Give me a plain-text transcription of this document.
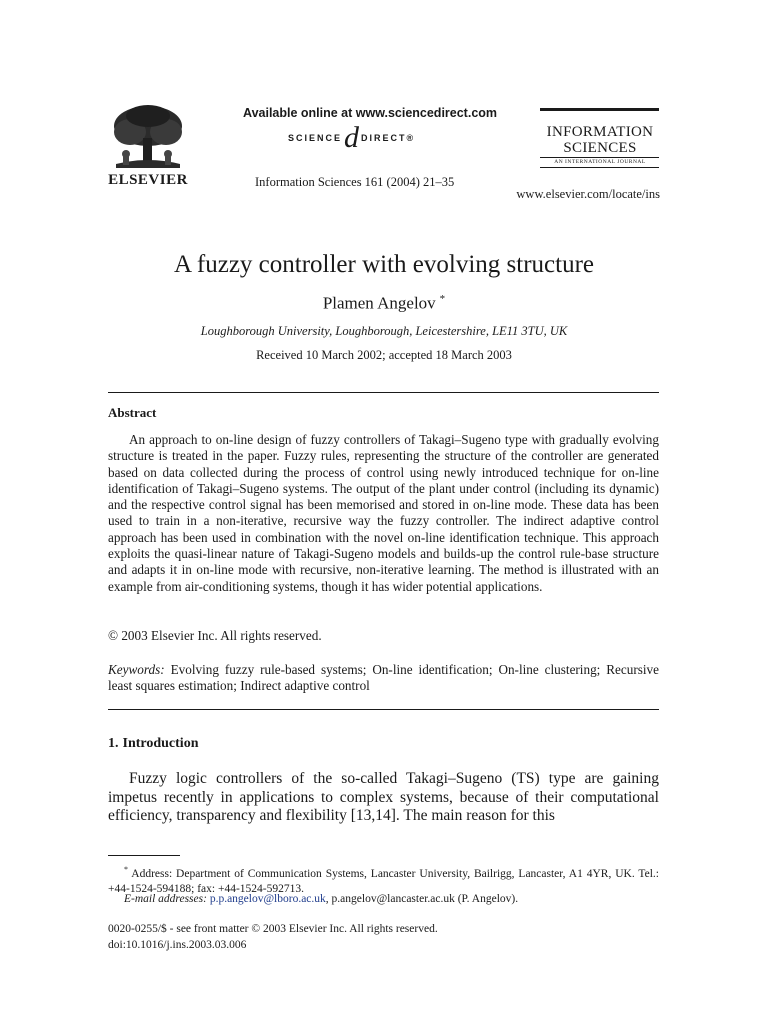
ELSEVIER
Available online at www.sciencedirect.com
SCIENCE d DIRECT ®
Information Sciences 161 (2004) 21–35
INFORMATION
SCIENCES
AN INTERNATIONAL JOURNAL
www.elsevier.com/locate/ins
A fuzzy controller with evolving structure
Plamen Angelov *
Loughborough University, Loughborough, Leicestershire, LE11 3TU, UK
Received 10 March 2002; accepted 18 March 2003
Abstract

An approach to on-line design of fuzzy controllers of Takagi–Sugeno type with gradually evolving structure is treated in the paper. Fuzzy rules, representing the structure of the controller are generated based on data collected during the process of control using newly introduced technique for on-line identification of Takagi–Sugeno systems. The output of the plant under control (including its dynamic) and the respective control signal has been memorised and stored in on-line mode. These data has been used to train in a non-iterative, recursive way the fuzzy controller. The indirect adaptive control approach has been used in combination with the novel on-line identification technique. This approach exploits the quasi-linear nature of Takagi-Sugeno models and builds-up the control rule-base structure and adapts it in on-line mode with recursive, non-iterative learning. The method is illustrated with an example from air-conditioning systems, though it has wider potential applications.

© 2003 Elsevier Inc. All rights reserved.

Keywords: Evolving fuzzy rule-based systems; On-line identification; On-line clustering; Recursive least squares estimation; Indirect adaptive control

1. Introduction

Fuzzy logic controllers of the so-called Takagi–Sugeno (TS) type are gaining impetus recently in applications to complex systems, because of their computational efficiency, transparency and flexibility [13,14]. The main reason for this

* Address: Department of Communication Systems, Lancaster University, Bailrigg, Lancaster, A1 4YR, UK. Tel.: +44-1524-594188; fax: +44-1524-592713.

E-mail addresses: p.p.angelov@lboro.ac.uk, p.angelov@lancaster.ac.uk (P. Angelov).
0020-0255/$ - see front matter © 2003 Elsevier Inc. All rights reserved.
doi:10.1016/j.ins.2003.03.006
